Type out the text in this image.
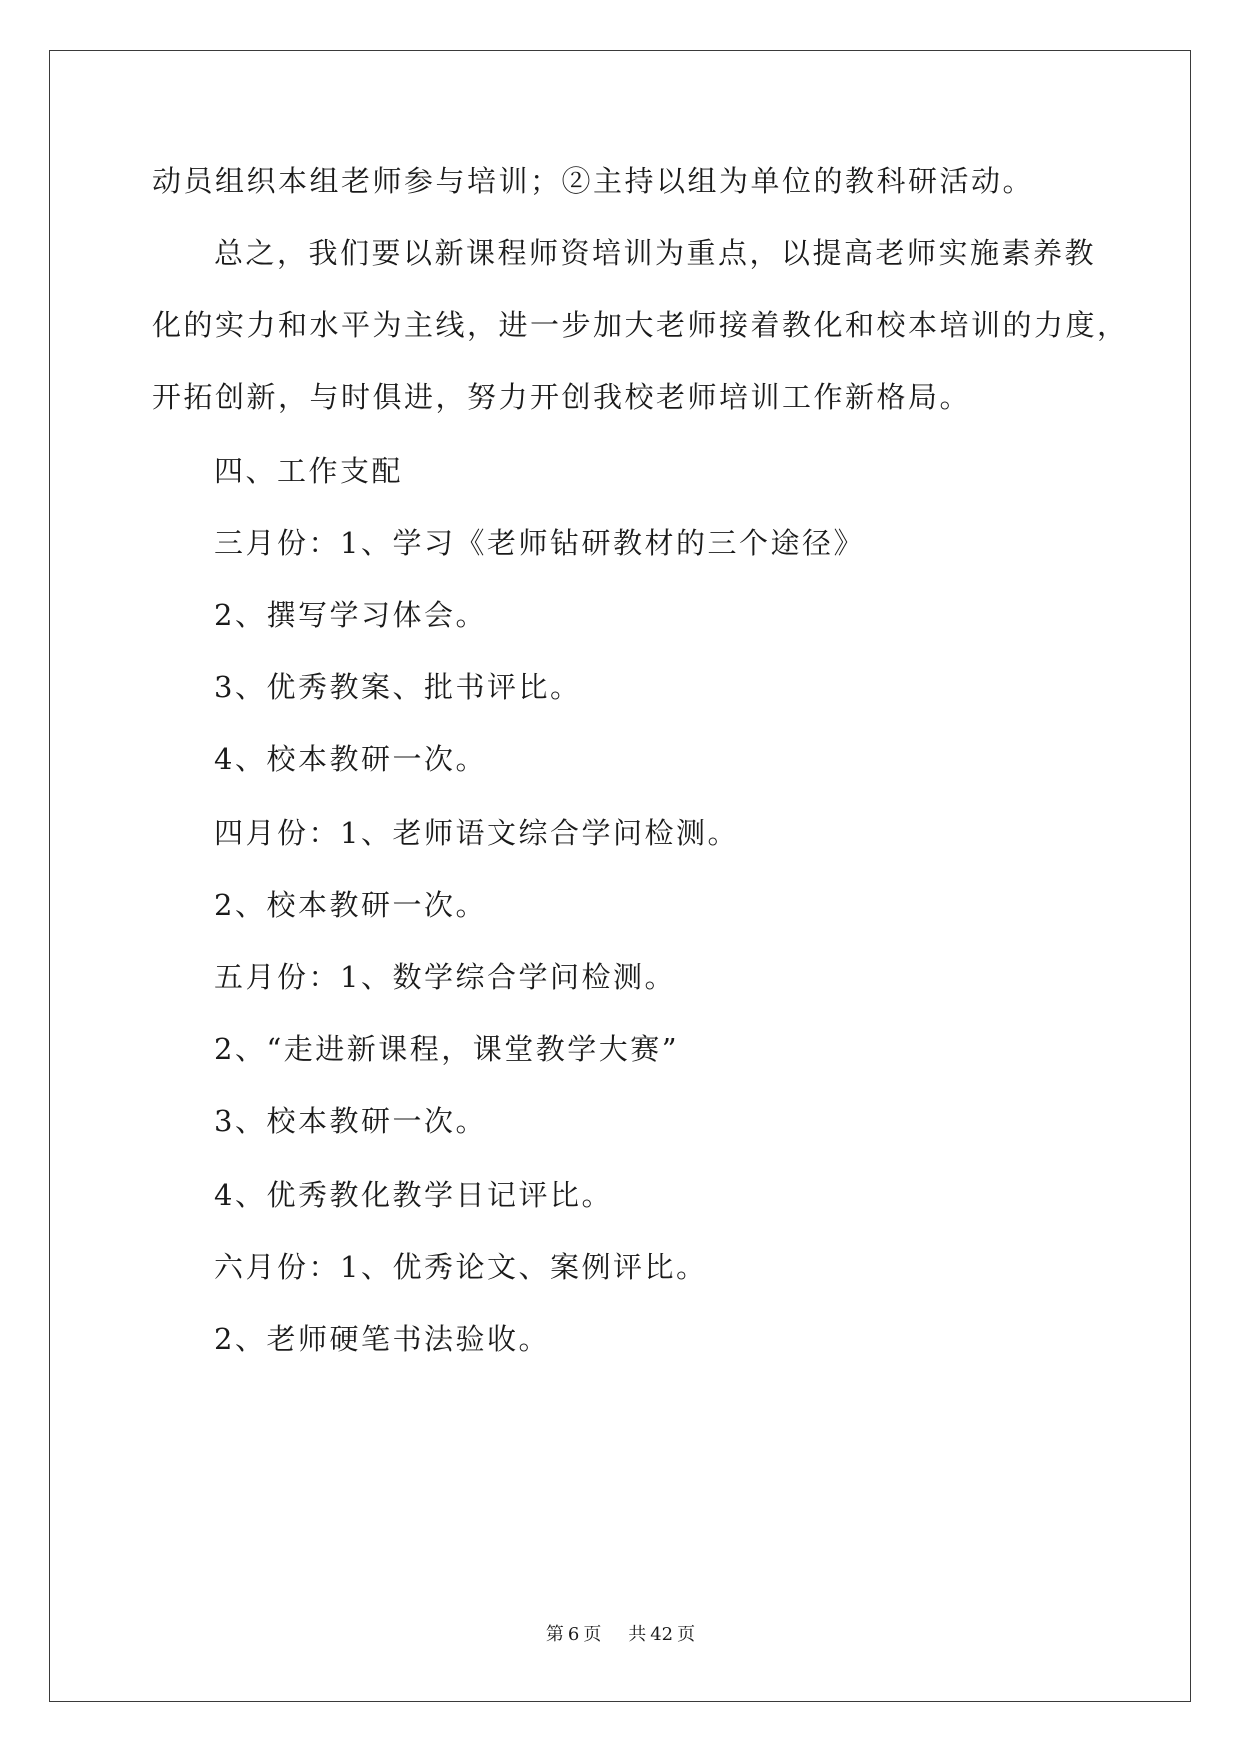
动员组织本组老师参与培训；②主持以组为单位的教科研活动。
总之，我们要以新课程师资培训为重点，以提高老师实施素养教
化的实力和水平为主线，进一步加大老师接着教化和校本培训的力度，
开拓创新，与时俱进，努力开创我校老师培训工作新格局。
四、工作支配
三月份：1、学习《老师钻研教材的三个途径》
2、撰写学习体会。
3、优秀教案、批书评比。
4、校本教研一次。
四月份：1、老师语文综合学问检测。
2、校本教研一次。
五月份：1、数学综合学问检测。
2、“走进新课程，课堂教学大赛”
3、校本教研一次。
4、优秀教化教学日记评比。
六月份：1、优秀论文、案例评比。
2、老师硬笔书法验收。
第 6 页 共 42 页
